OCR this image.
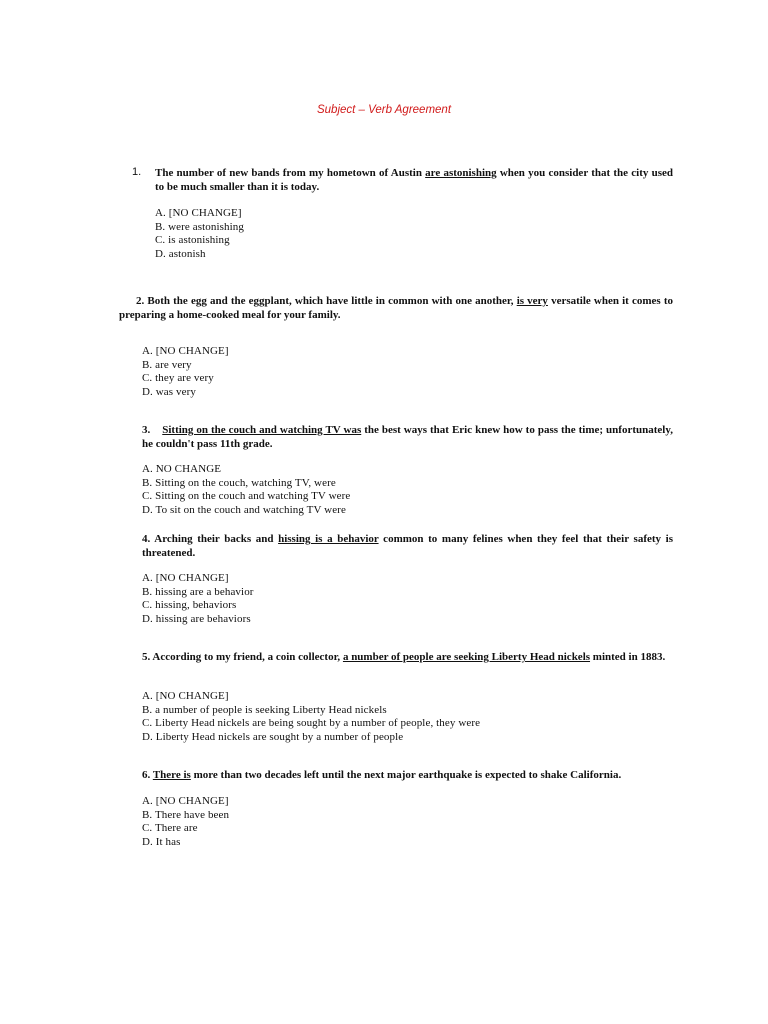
Subject – Verb Agreement
1. The number of new bands from my hometown of Austin are astonishing when you consider that the city used to be much smaller than it is today.
A. [NO CHANGE]
B. were astonishing
C. is astonishing
D. astonish
2. Both the egg and the eggplant, which have little in common with one another, is very versatile when it comes to preparing a home-cooked meal for your family.
A. [NO CHANGE]
B. are very
C. they are very
D. was very
3. Sitting on the couch and watching TV was the best ways that Eric knew how to pass the time; unfortunately, he couldn't pass 11th grade.
A. NO CHANGE
B. Sitting on the couch, watching TV, were
C. Sitting on the couch and watching TV were
D. To sit on the couch and watching TV were
4. Arching their backs and hissing is a behavior common to many felines when they feel that their safety is threatened.
A. [NO CHANGE]
B. hissing are a behavior
C. hissing, behaviors
D. hissing are behaviors
5. According to my friend, a coin collector, a number of people are seeking Liberty Head nickels minted in 1883.
A. [NO CHANGE]
B. a number of people is seeking Liberty Head nickels
C. Liberty Head nickels are being sought by a number of people, they were
D. Liberty Head nickels are sought by a number of people
6. There is more than two decades left until the next major earthquake is expected to shake California.
A. [NO CHANGE]
B. There have been
C. There are
D. It has
